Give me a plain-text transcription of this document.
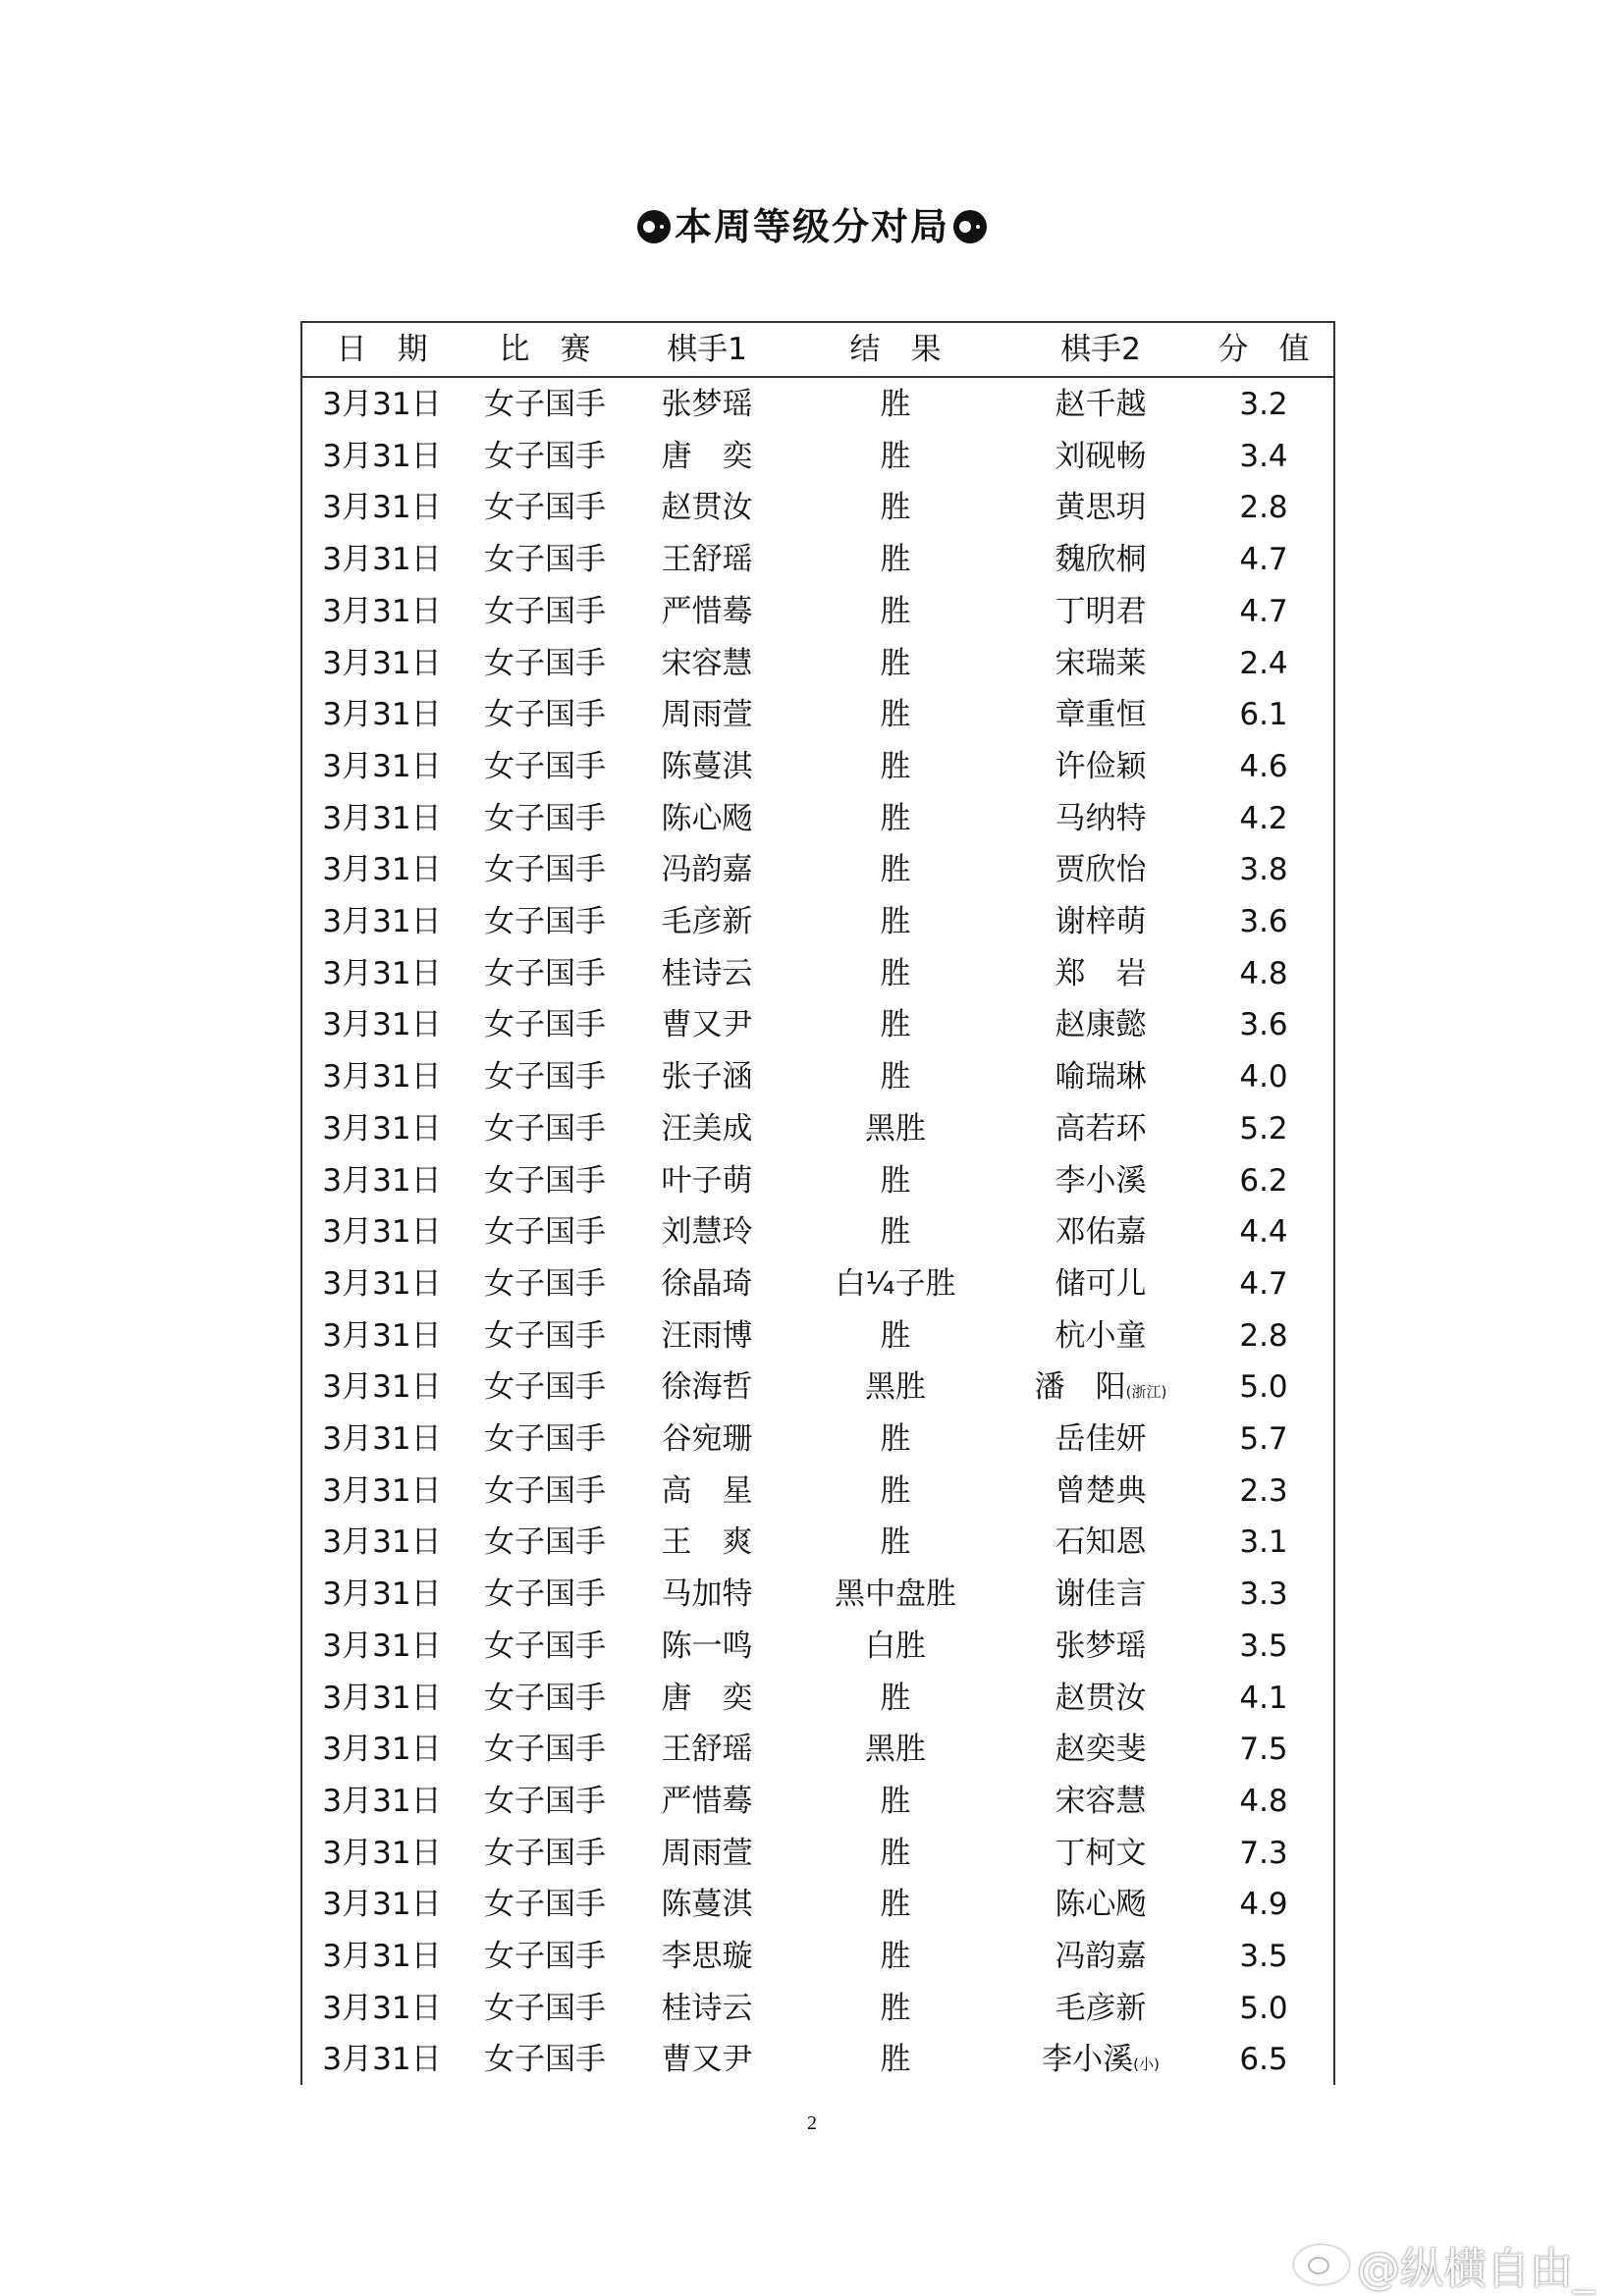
本周等级分对局
日　期 比　赛	棋手1	结　果	棋手2	分　值
3月31日 女子国手 张梦瑶	胜	赵千越	3.2
3月31日 女子国手 唐　奕	胜	刘砚畅	3.4
3月31日 女子国手 赵贯汝	胜	黄思玥	2.8
3月31日 女子国手 王舒瑶	胜	魏欣桐	4.7
3月31日 女子国手 严惜蓦	胜	丁明君	4.7
3月31日 女子国手 宋容慧	胜	宋瑞莱	2.4
3月31日 女子国手 周雨萱	胜	章重恒	6.1
3月31日 女子国手 陈蔓淇	胜	许俭颖	4.6
3月31日 女子国手 陈心飏	胜	马纳特	4.2
3月31日 女子国手 冯韵嘉	胜	贾欣怡	3.8
3月31日 女子国手 毛彦新	胜	谢梓萌	3.6
3月31日 女子国手 桂诗云	胜	郑　岩	4.8
3月31日 女子国手 曹又尹	胜	赵康懿	3.6
3月31日 女子国手 张子涵	胜	喻瑞琳	4.0
3月31日 女子国手 汪美成	黑胜	高若环	5.2
3月31日 女子国手 叶子萌	胜	李小溪	6.2
3月31日 女子国手 刘慧玲	胜	邓佑嘉	4.4
3月31日 女子国手 徐晶琦	白¼子胜	储可儿	4.7
3月31日 女子国手 汪雨博	胜	杭小童	2.8
3月31日 女子国手 徐海哲	黑胜	潘　阳(浙江) 5.0
3月31日 女子国手 谷宛珊	胜	岳佳妍	5.7
3月31日 女子国手 高　星	胜	曾楚典	2.3
3月31日 女子国手 王　爽	胜	石知恩	3.1
3月31日 女子国手 马加特	黑中盘胜	谢佳言	3.3
3月31日 女子国手 陈一鸣	白胜	张梦瑶	3.5
3月31日 女子国手 唐　奕	胜	赵贯汝	4.1
3月31日 女子国手 王舒瑶	黑胜	赵奕斐	7.5
3月31日 女子国手 严惜蓦	胜	宋容慧	4.8
3月31日 女子国手 周雨萱	胜	丁柯文	7.3
3月31日 女子国手 陈蔓淇	胜	陈心飏	4.9
3月31日 女子国手 李思璇	胜	冯韵嘉	3.5
3月31日 女子国手 桂诗云	胜	毛彦新	5.0
3月31日 女子国手 曹又尹	胜	李小溪(小)	6.5
2
@纵横自由_
